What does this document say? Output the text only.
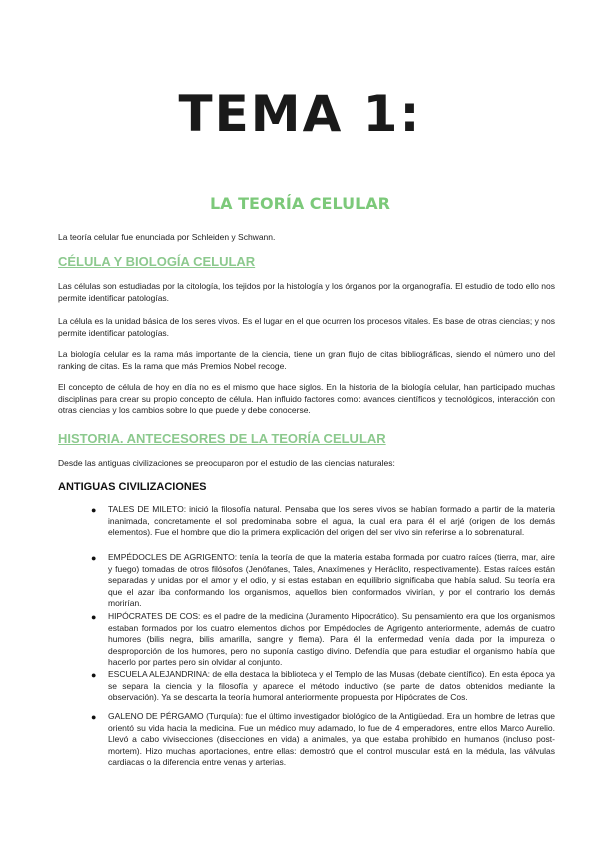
TEMA 1:
LA TEORÍA CELULAR
La teoría celular fue enunciada por Schleiden y Schwann.
CÉLULA Y BIOLOGÍA CELULAR
Las células son estudiadas por la citología, los tejidos por la histología y los órganos por la organografía. El estudio de todo ello nos permite identificar patologías.
La célula es la unidad básica de los seres vivos. Es el lugar en el que ocurren los procesos vitales. Es base de otras ciencias; y nos permite identificar patologías.
La biología celular es la rama más importante de la ciencia, tiene un gran flujo de citas bibliográficas, siendo el número uno del ranking de citas. Es la rama que más Premios Nobel recoge.
El concepto de célula de hoy en día no es el mismo que hace siglos. En la historia de la biología celular, han participado muchas disciplinas para crear su propio concepto de célula. Han influido factores como: avances científicos y tecnológicos, interacción con otras ciencias y los cambios sobre lo que puede y debe conocerse.
HISTORIA. ANTECESORES DE LA TEORÍA CELULAR
Desde las antiguas civilizaciones se preocuparon por el estudio de las ciencias naturales:
ANTIGUAS CIVILIZACIONES
● TALES DE MILETO: inició la filosofía natural. Pensaba que los seres vivos se habían formado a partir de la materia inanimada, concretamente el sol predominaba sobre el agua, la cual era para él el arjé (origen de los demás elementos). Fue el hombre que dio la primera explicación del origen del ser vivo sin referirse a lo sobrenatural.
● EMPÉDOCLES DE AGRIGENTO: tenía la teoría de que la materia estaba formada por cuatro raíces (tierra, mar, aire y fuego) tomadas de otros filósofos (Jenófanes, Tales, Anaxímenes y Heráclito, respectivamente). Estas raíces están separadas y unidas por el amor y el odio, y si estas estaban en equilibrio significaba que había salud. Su teoría era que el azar iba conformando los organismos, aquellos bien conformados vivirían, y por el contrario los demás morirían.
● HIPÓCRATES DE COS: es el padre de la medicina (Juramento Hipocrático). Su pensamiento era que los organismos estaban formados por los cuatro elementos dichos por Empédocles de Agrigento anteriormente, además de cuatro humores (bilis negra, bilis amarilla, sangre y flema). Para él la enfermedad venía dada por la impureza o desproporción de los humores, pero no suponía castigo divino. Defendía que para estudiar el organismo había que hacerlo por partes pero sin olvidar al conjunto.
● ESCUELA ALEJANDRINA: de ella destaca la biblioteca y el Templo de las Musas (debate científico). En esta época ya se separa la ciencia y la filosofía y aparece el método inductivo (se parte de datos obtenidos mediante la observación). Ya se descarta la teoría humoral anteriormente propuesta por Hipócrates de Cos.
● GALENO DE PÉRGAMO (Turquía): fue el último investigador biológico de la Antigüedad. Era un hombre de letras que orientó su vida hacia la medicina. Fue un médico muy adamado, lo fue de 4 emperadores, entre ellos Marco Aurelio. Llevó a cabo vivisecciones (disecciones en vida) a animales, ya que estaba prohibido en humanos (incluso post-mortem). Hizo muchas aportaciones, entre ellas: demostró que el control muscular está en la médula, las válvulas cardiacas o la diferencia entre venas y arterias.
